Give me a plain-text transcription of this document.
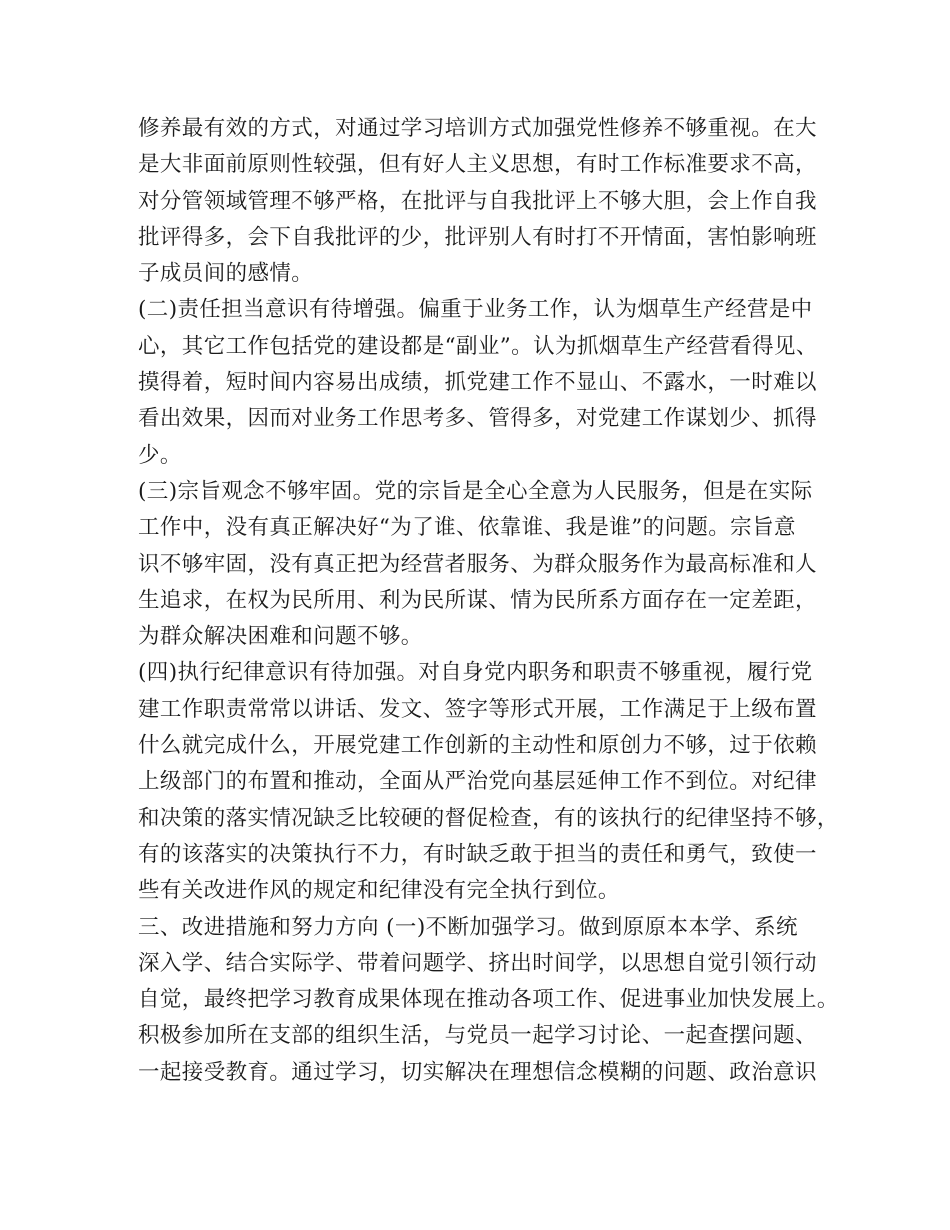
修养最有效的方式，对通过学习培训方式加强党性修养不够重视。在大
是大非面前原则性较强，但有好人主义思想，有时工作标准要求不高，
对分管领域管理不够严格，在批评与自我批评上不够大胆，会上作自我
批评得多，会下自我批评的少，批评别人有时打不开情面，害怕影响班
子成员间的感情。
(二)责任担当意识有待增强。偏重于业务工作，认为烟草生产经营是中
心，其它工作包括党的建设都是“副业”。认为抓烟草生产经营看得见、
摸得着，短时间内容易出成绩，抓党建工作不显山、不露水，一时难以
看出效果，因而对业务工作思考多、管得多，对党建工作谋划少、抓得
少。
(三)宗旨观念不够牢固。党的宗旨是全心全意为人民服务，但是在实际
工作中，没有真正解决好“为了谁、依靠谁、我是谁”的问题。宗旨意
识不够牢固，没有真正把为经营者服务、为群众服务作为最高标准和人
生追求，在权为民所用、利为民所谋、情为民所系方面存在一定差距，
为群众解决困难和问题不够。
(四)执行纪律意识有待加强。对自身党内职务和职责不够重视，履行党
建工作职责常常以讲话、发文、签字等形式开展，工作满足于上级布置
什么就完成什么，开展党建工作创新的主动性和原创力不够，过于依赖
上级部门的布置和推动，全面从严治党向基层延伸工作不到位。对纪律
和决策的落实情况缺乏比较硬的督促检查，有的该执行的纪律坚持不够，
有的该落实的决策执行不力，有时缺乏敢于担当的责任和勇气，致使一
些有关改进作风的规定和纪律没有完全执行到位。
三、改进措施和努力方向 (一)不断加强学习。做到原原本本学、系统
深入学、结合实际学、带着问题学、挤出时间学，以思想自觉引领行动
自觉，最终把学习教育成果体现在推动各项工作、促进事业加快发展上。
积极参加所在支部的组织生活，与党员一起学习讨论、一起查摆问题、
一起接受教育。通过学习，切实解决在理想信念模糊的问题、政治意识
